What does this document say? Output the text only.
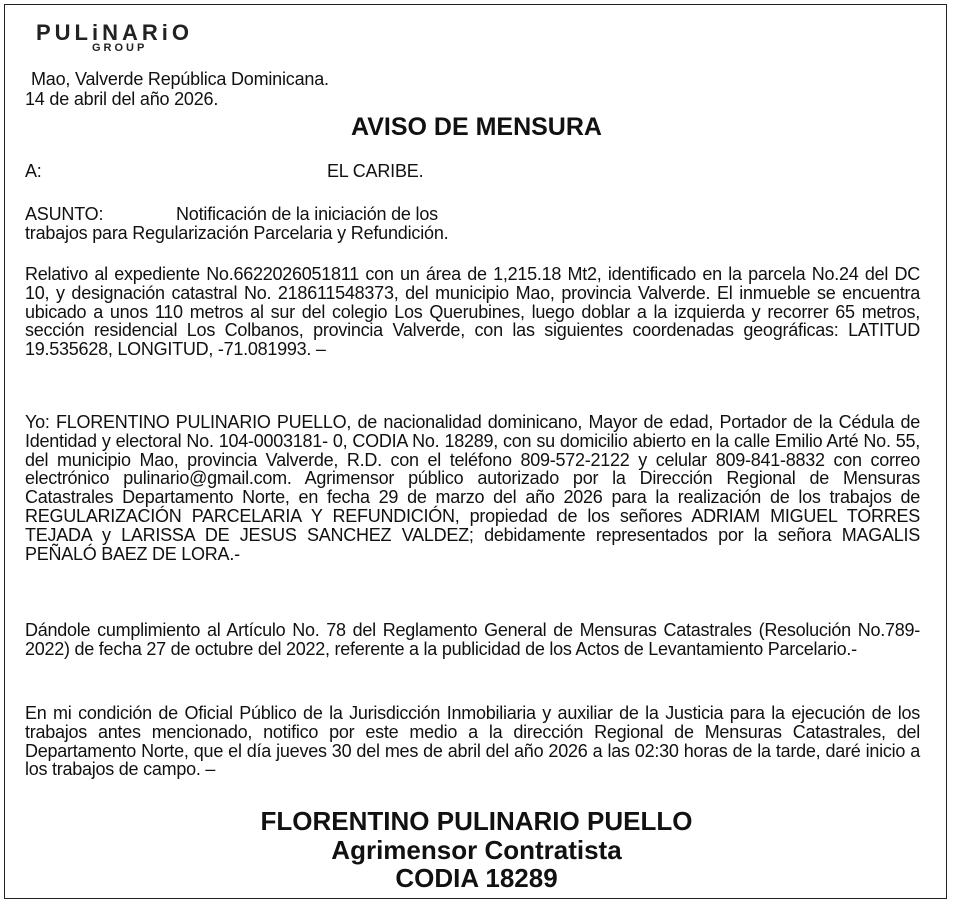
PULiNARiO
GROUP
Mao, Valverde República Dominicana.
14 de abril del año 2026.
AVISO DE MENSURA
A:	EL CARIBE.
ASUNTO:	Notificación de la iniciación de los
trabajos para Regularización Parcelaria y Refundición.

Relativo al expediente No.6622026051811 con un área de 1,215.18 Mt2, identificado en la parcela No.24 del DC 10, y designación catastral No. 218611548373, del municipio Mao, provincia Valverde. El inmueble se encuentra ubicado a unos 110 metros al sur del colegio Los Querubines, luego doblar a la izquierda y recorrer 65 metros, sección residencial Los Colbanos, provincia Valverde, con las siguientes coordenadas geográficas: LATITUD 19.535628, LONGITUD, -71.081993. –

Yo: FLORENTINO PULINARIO PUELLO, de nacionalidad dominicano, Mayor de edad, Portador de la Cédula de Identidad y electoral No. 104-0003181- 0, CODIA No. 18289, con su domicilio abierto en la calle Emilio Arté No. 55, del municipio Mao, provincia Valverde, R.D. con el teléfono 809-572-2122 y celular 809-841-8832 con correo electrónico pulinario@gmail.com. Agrimensor público autorizado por la Dirección Regional de Mensuras Catastrales Departamento Norte, en fecha 29 de marzo del año 2026 para la realización de los trabajos de REGULARIZACIÓN PARCELARIA Y REFUNDICIÓN, propiedad de los señores ADRIAM MIGUEL TORRES TEJADA y LARISSA DE JESUS SANCHEZ VALDEZ; debidamente representados por la señora MAGALIS PEÑALÓ BAEZ DE LORA.-

Dándole cumplimiento al Artículo No. 78 del Reglamento General de Mensuras Catastrales (Resolución No.789-2022) de fecha 27 de octubre del 2022, referente a la publicidad de los Actos de Levantamiento Parcelario.-

En mi condición de Oficial Público de la Jurisdicción Inmobiliaria y auxiliar de la Justicia para la ejecución de los trabajos antes mencionado, notifico por este medio a la dirección Regional de Mensuras Catastrales, del Departamento Norte, que el día jueves 30 del mes de abril del año 2026 a las 02:30 horas de la tarde, daré inicio a los trabajos de campo. –

FLORENTINO PULINARIO PUELLO
Agrimensor Contratista
CODIA 18289
